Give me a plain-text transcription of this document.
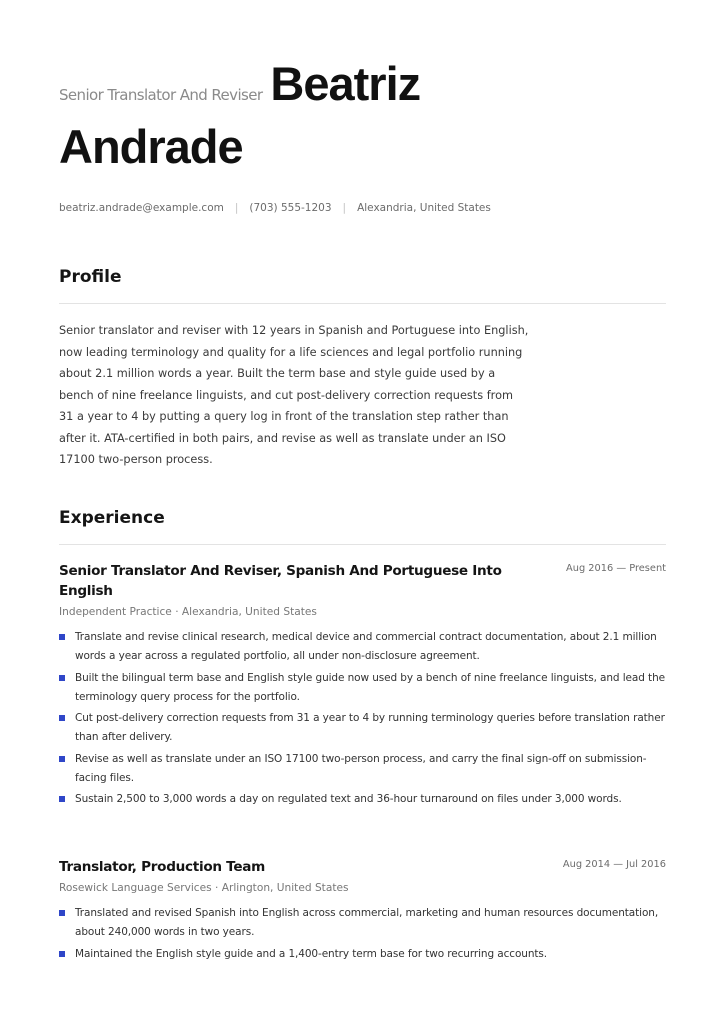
Senior Translator And Reviser Beatriz
Andrade
beatriz.andrade@example.com | (703) 555-1203 | Alexandria, United States
Profile
Senior translator and reviser with 12 years in Spanish and Portuguese into English, now leading terminology and quality for a life sciences and legal portfolio running about 2.1 million words a year. Built the term base and style guide used by a bench of nine freelance linguists, and cut post-delivery correction requests from 31 a year to 4 by putting a query log in front of the translation step rather than after it. ATA-certified in both pairs, and revise as well as translate under an ISO 17100 two-person process.
Experience
Senior Translator And Reviser, Spanish And Portuguese Into English
Aug 2016 — Present
Independent Practice · Alexandria, United States
Translate and revise clinical research, medical device and commercial contract documentation, about 2.1 million words a year across a regulated portfolio, all under non-disclosure agreement.
Built the bilingual term base and English style guide now used by a bench of nine freelance linguists, and lead the terminology query process for the portfolio.
Cut post-delivery correction requests from 31 a year to 4 by running terminology queries before translation rather than after delivery.
Revise as well as translate under an ISO 17100 two-person process, and carry the final sign-off on submission-facing files.
Sustain 2,500 to 3,000 words a day on regulated text and 36-hour turnaround on files under 3,000 words.
Translator, Production Team	Aug 2014 — Jul 2016
Rosewick Language Services · Arlington, United States
Translated and revised Spanish into English across commercial, marketing and human resources documentation, about 240,000 words in two years.
Maintained the English style guide and a 1,400-entry term base for two recurring accounts.
